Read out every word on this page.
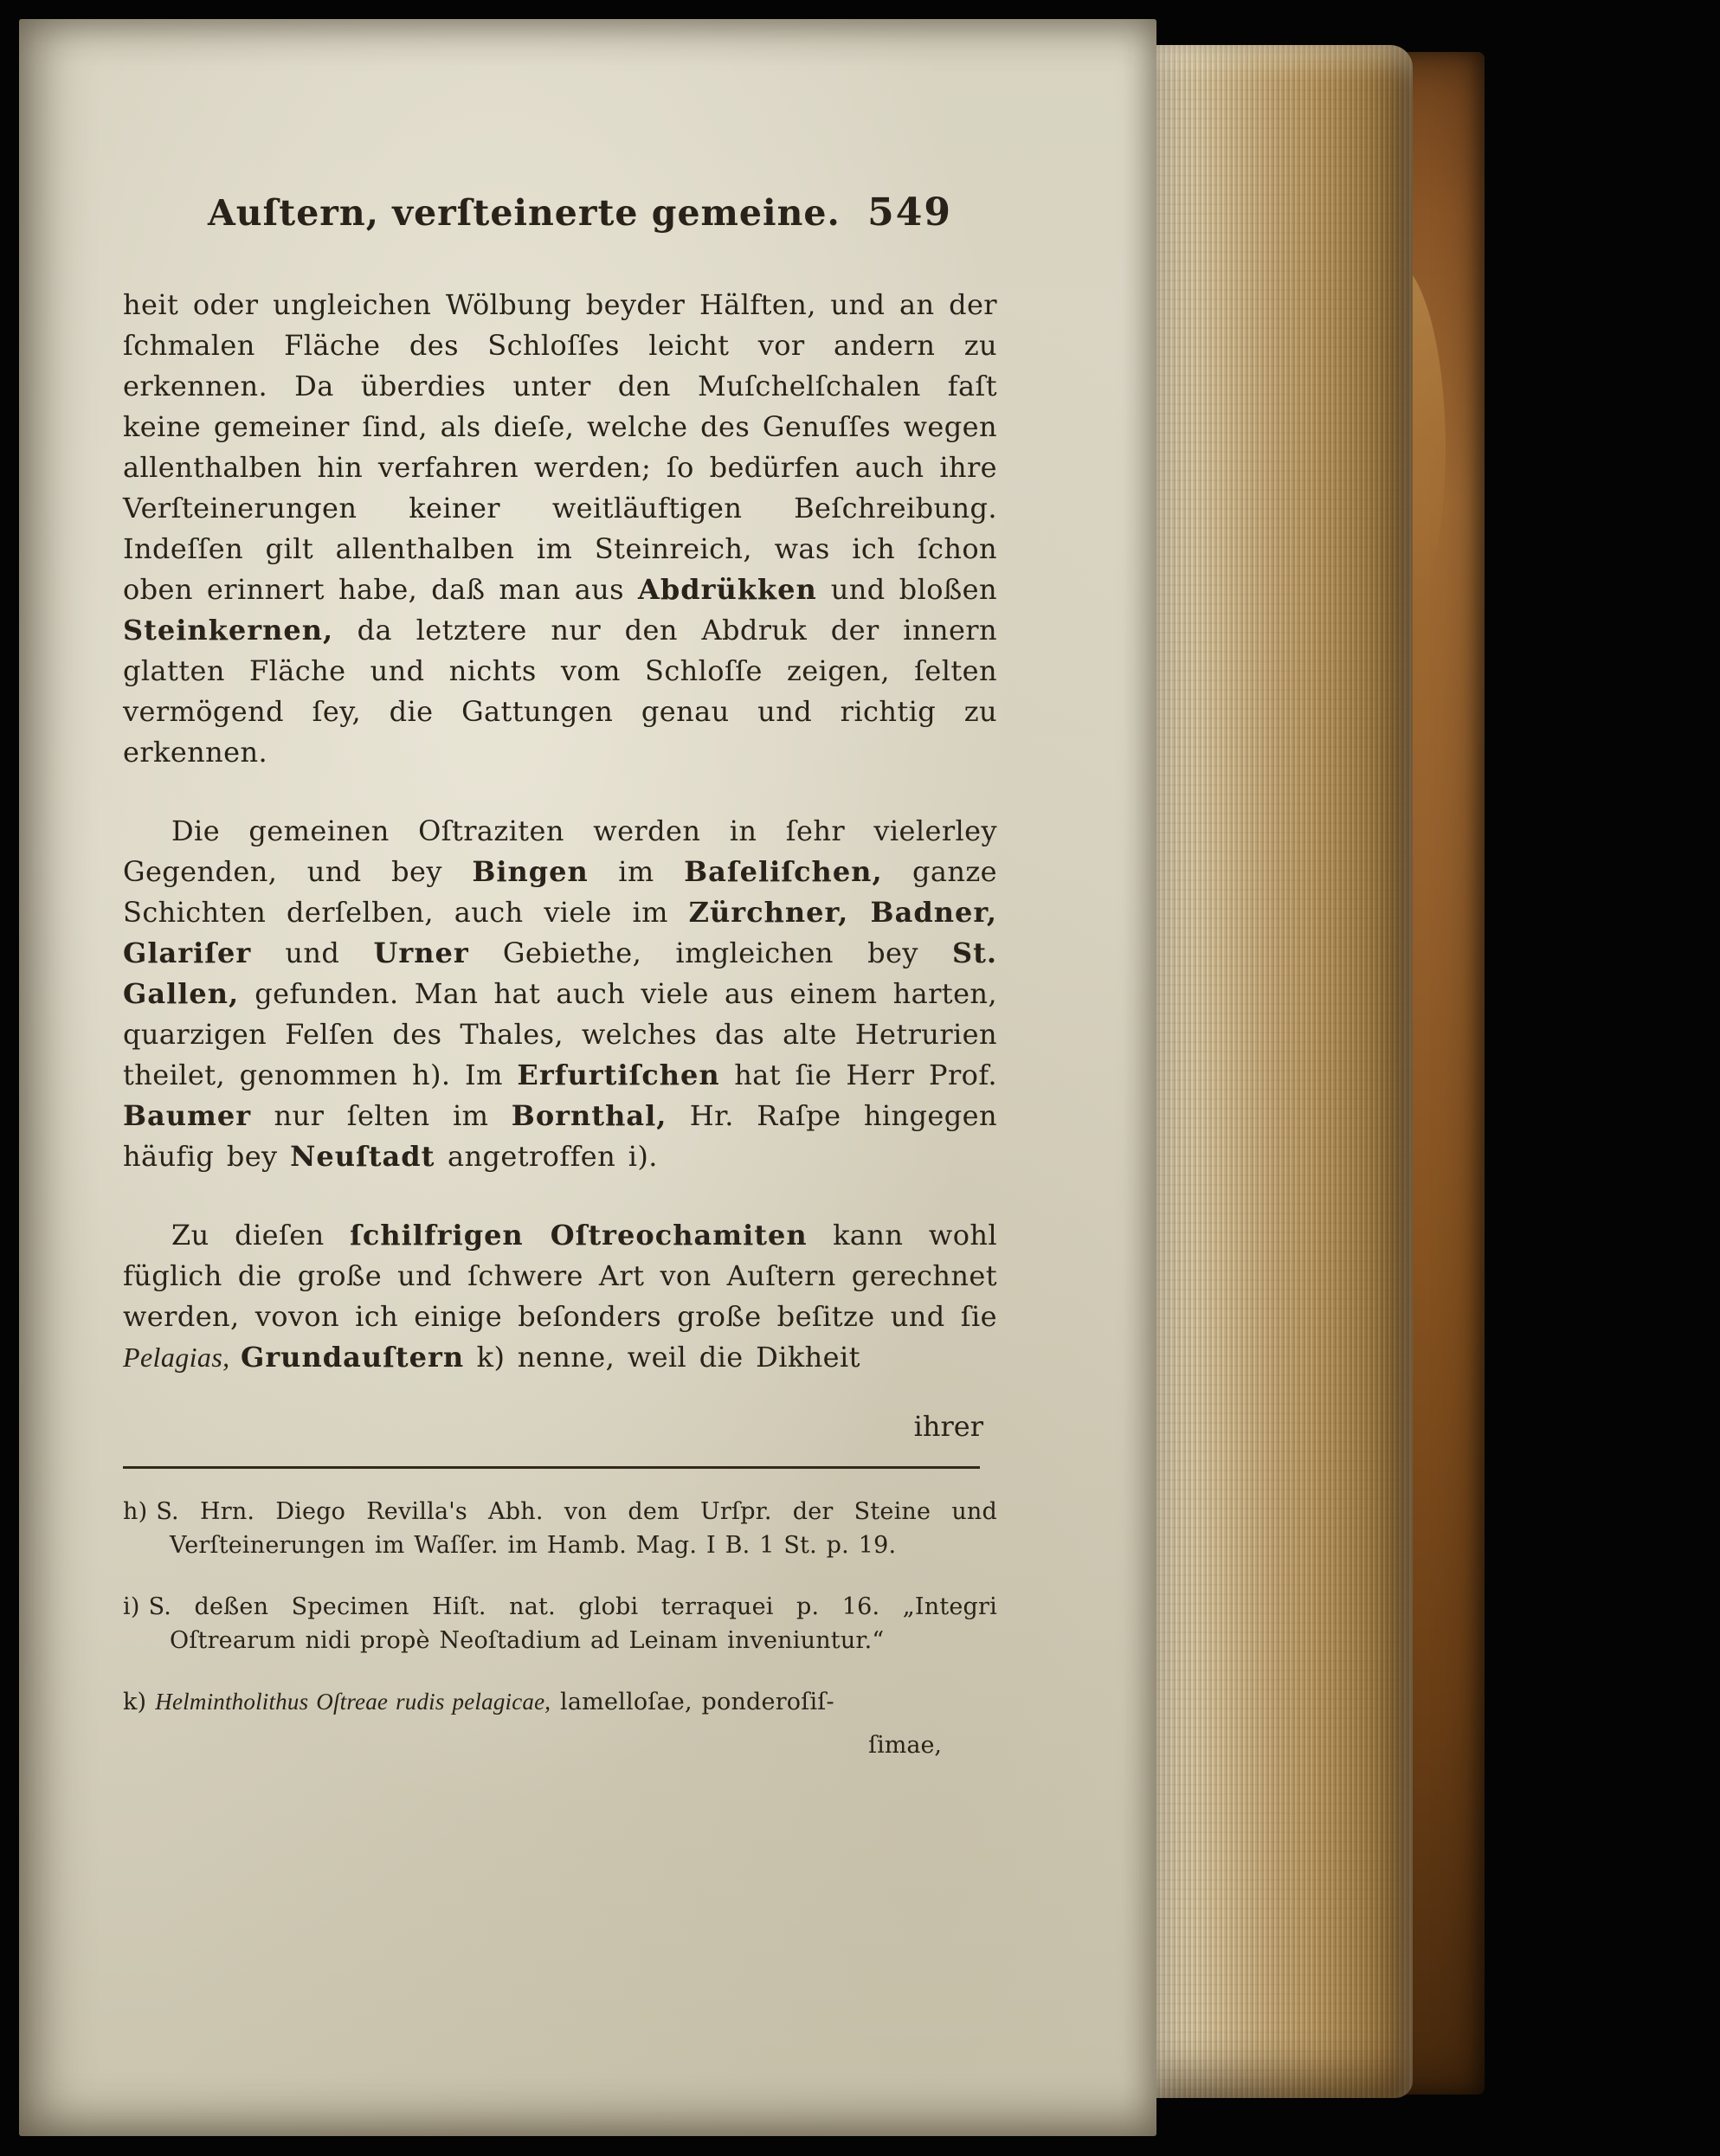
Auſtern, verſteinerte gemeine. 549

heit oder ungleichen Wölbung beyder Hälften, und an der ſchmalen Fläche des Schloſſes leicht vor andern zu erkennen. Da überdies unter den Muſchelſchalen faſt keine gemeiner ſind, als dieſe, welche des Genuſſes wegen allenthalben hin verfahren werden; ſo bedürfen auch ihre Verſteinerungen keiner weitläuftigen Beſchreibung. Indeſſen gilt allenthalben im Steinreich, was ich ſchon oben erinnert habe, daß man aus Abdrükken und bloßen Steinkernen, da letztere nur den Abdruk der innern glatten Fläche und nichts vom Schloſſe zeigen, ſelten vermögend ſey, die Gattungen genau und richtig zu erkennen.

Die gemeinen Oſtraziten werden in ſehr vielerley Gegenden, und bey Bingen im Baſeliſchen, ganze Schichten derſelben, auch viele im Zürchner, Badner, Glariſer und Urner Gebiethe, imgleichen bey St. Gallen, gefunden. Man hat auch viele aus einem harten, quarzigen Felſen des Thales, welches das alte Hetrurien theilet, genommen h). Im Erfurtiſchen hat ſie Herr Prof. Baumer nur ſelten im Bornthal, Hr. Raſpe hingegen häufig bey Neuſtadt angetroffen i).

Zu dieſen ſchilfrigen Oſtreochamiten kann wohl füglich die große und ſchwere Art von Auſtern gerechnet werden, vovon ich einige beſonders große beſitze und ſie Pelagias, Grundauſtern k) nenne, weil die Dikheit

ihrer

h) S. Hrn. Diego Revilla's Abh. von dem Urſpr. der Steine und Verſteinerungen im Waſſer. im Hamb. Mag. I B. 1 St. p. 19.

i) S. deßen Specimen Hiſt. nat. globi terraquei p. 16. „Integri Oſtrearum nidi propè Neoſtadium ad Leinam inveniuntur.“

k) Helmintholithus Oſtreae rudis pelagicae, lamelloſae, ponderoſiſ-

ſimae,
